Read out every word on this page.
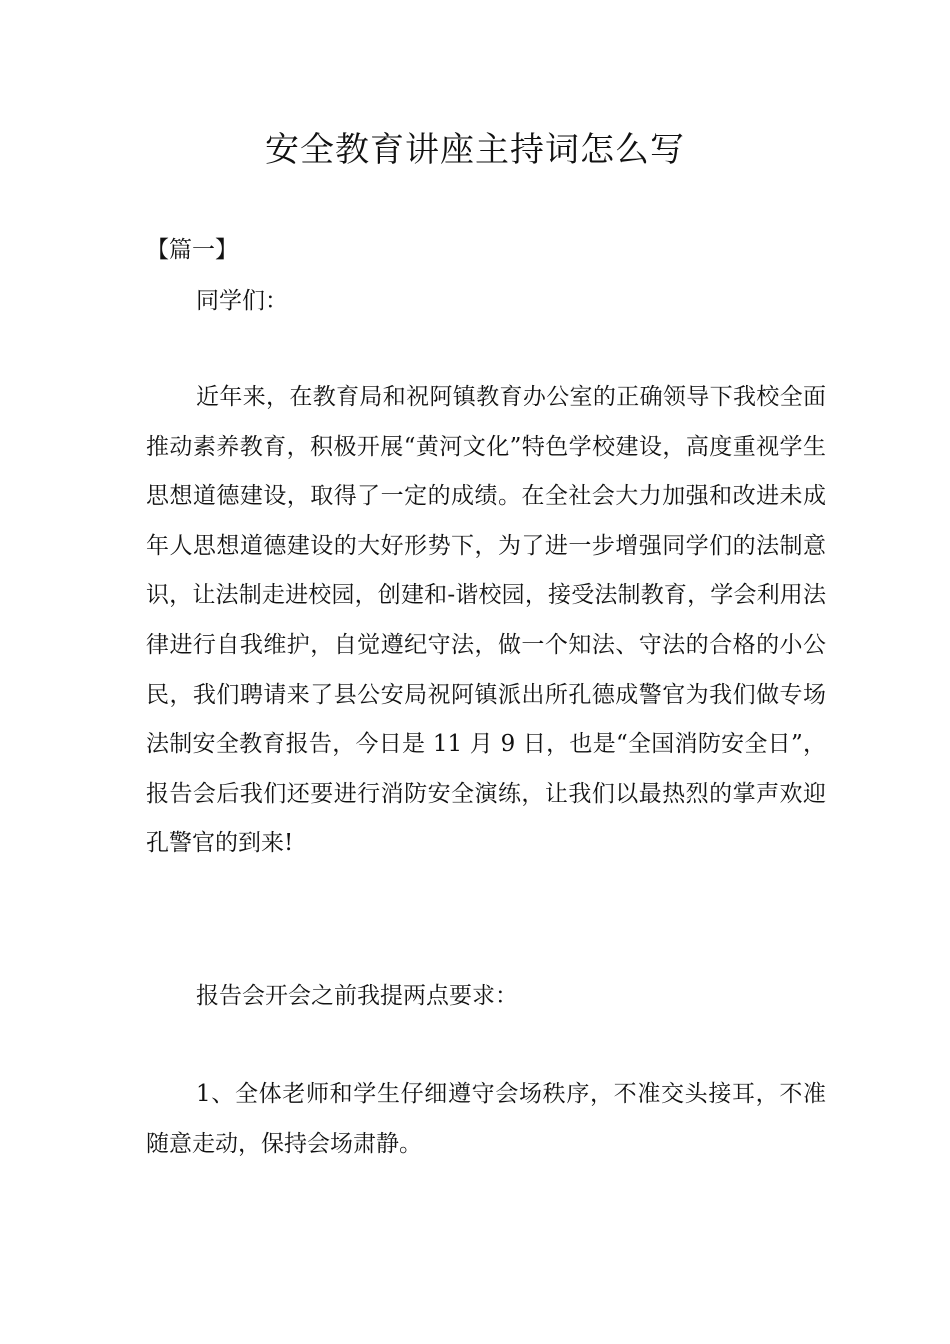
安全教育讲座主持词怎么写
【篇一】

同学们：

近年来，在教育局和祝阿镇教育办公室的正确领导下我校全面推动素养教育，积极开展“黄河文化”特色学校建设，高度重视学生思想道德建设，取得了一定的成绩。在全社会大力加强和改进未成年人思想道德建设的大好形势下，为了进一步增强同学们的法制意识，让法制走进校园，创建和-谐校园，接受法制教育，学会利用法律进行自我维护，自觉遵纪守法，做一个知法、守法的合格的小公民，我们聘请来了县公安局祝阿镇派出所孔德成警官为我们做专场法制安全教育报告，今日是 11 月 9 日，也是“全国消防安全日”，报告会后我们还要进行消防安全演练，让我们以最热烈的掌声欢迎孔警官的到来!

报告会开会之前我提两点要求：

1、全体老师和学生仔细遵守会场秩序，不准交头接耳，不准随意走动，保持会场肃静。
